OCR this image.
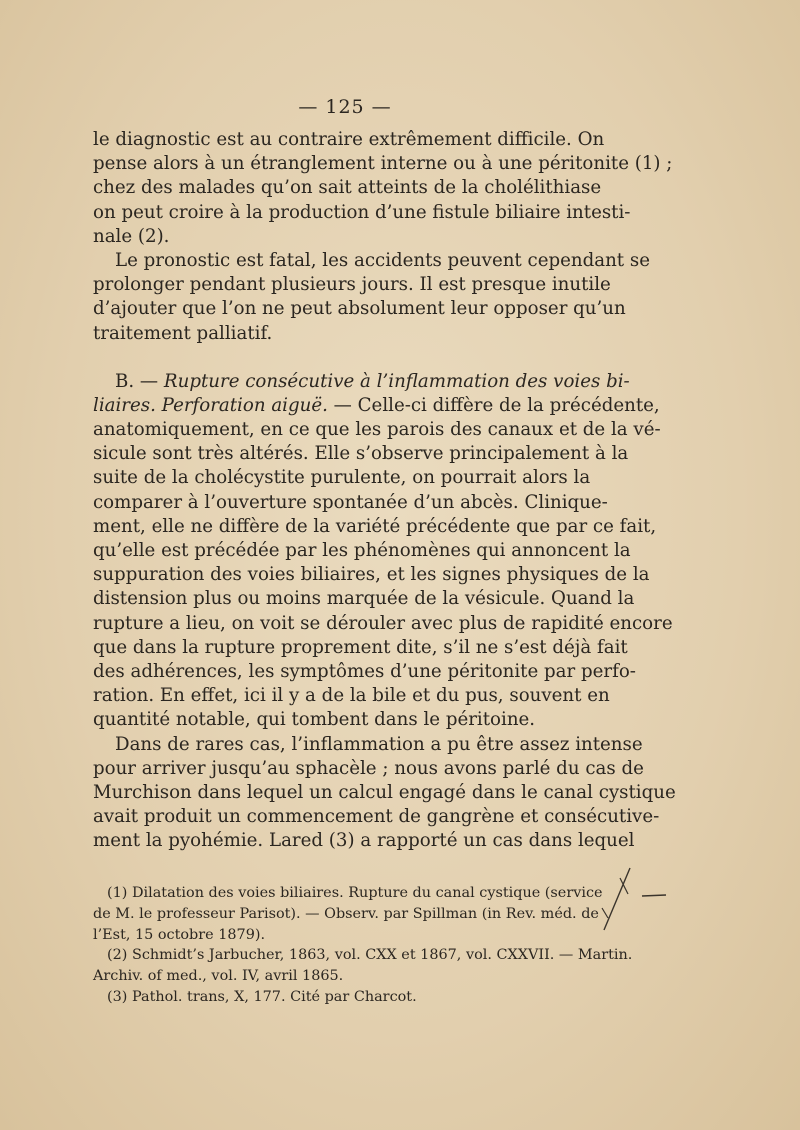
— 125 —
le diagnostic est au contraire extrêmement difficile. On
pense alors à un étranglement interne ou à une péritonite (1) ;
chez des malades qu’on sait atteints de la cholélithiase
on peut croire à la production d’une fistule biliaire intesti-
nale (2).
Le pronostic est fatal, les accidents peuvent cependant se
prolonger pendant plusieurs jours. Il est presque inutile
d’ajouter que l’on ne peut absolument leur opposer qu’un
traitement palliatif.
B. — Rupture consécutive à l’inflammation des voies bi-
liaires. Perforation aiguë. — Celle-ci diffère de la précédente,
anatomiquement, en ce que les parois des canaux et de la vé-
sicule sont très altérés. Elle s’observe principalement à la
suite de la cholécystite purulente, on pourrait alors la
comparer à l’ouverture spontanée d’un abcès. Clinique-
ment, elle ne diffère de la variété précédente que par ce fait,
qu’elle est précédée par les phénomènes qui annoncent la
suppuration des voies biliaires, et les signes physiques de la
distension plus ou moins marquée de la vésicule. Quand la
rupture a lieu, on voit se dérouler avec plus de rapidité encore
que dans la rupture proprement dite, s’il ne s’est déjà fait
des adhérences, les symptômes d’une péritonite par perfo-
ration. En effet, ici il y a de la bile et du pus, souvent en
quantité notable, qui tombent dans le péritoine.
Dans de rares cas, l’inflammation a pu être assez intense
pour arriver jusqu’au sphacèle ; nous avons parlé du cas de
Murchison dans lequel un calcul engagé dans le canal cystique
avait produit un commencement de gangrène et consécutive-
ment la pyohémie. Lared (3) a rapporté un cas dans lequel
(1) Dilatation des voies biliaires. Rupture du canal cystique (service
de M. le professeur Parisot). — Observ. par Spillman (in Rev. méd. de
l’Est, 15 octobre 1879).
(2) Schmidt’s Jarbucher, 1863, vol. CXX et 1867, vol. CXXVII. — Martin.
Archiv. of med., vol. IV, avril 1865.
(3) Pathol. trans, X, 177. Cité par Charcot.
